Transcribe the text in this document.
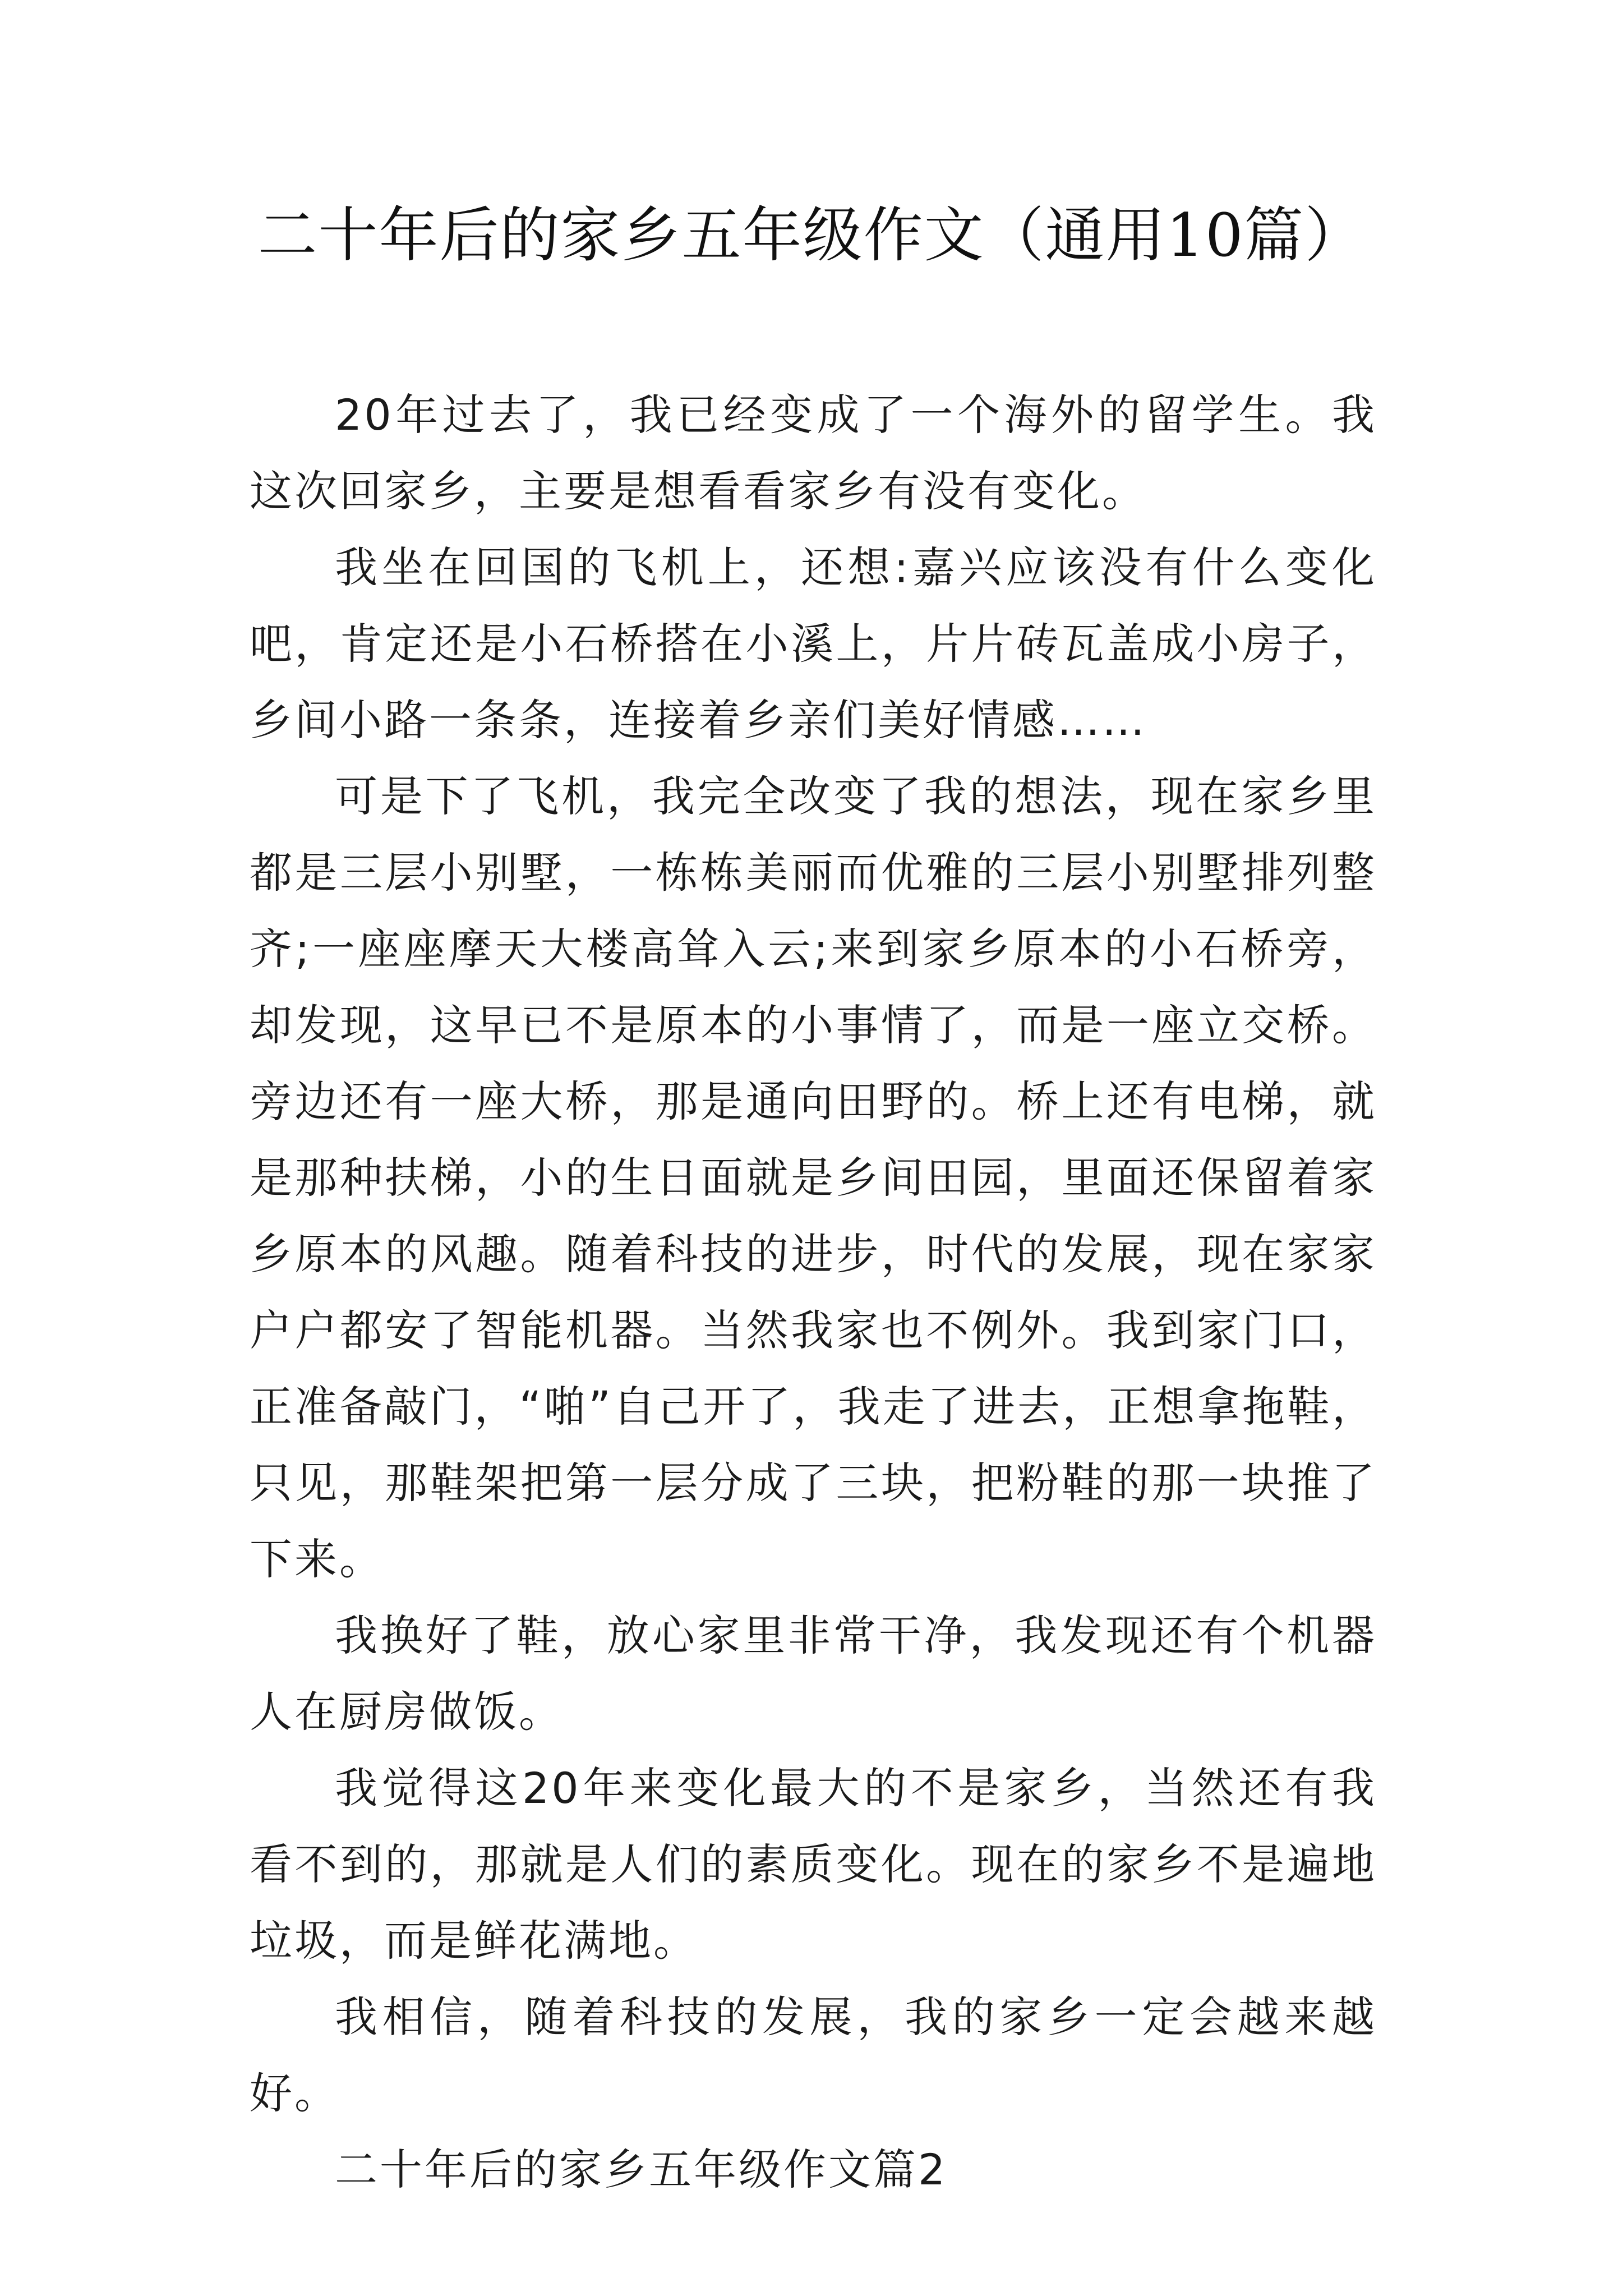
二十年后的家乡五年级作文（通用10篇）

20年过去了，我已经变成了一个海外的留学生。我这次回家乡，主要是想看看家乡有没有变化。

我坐在回国的飞机上，还想:嘉兴应该没有什么变化吧，肯定还是小石桥搭在小溪上，片片砖瓦盖成小房子，乡间小路一条条，连接着乡亲们美好情感……

可是下了飞机，我完全改变了我的想法，现在家乡里都是三层小别墅，一栋栋美丽而优雅的三层小别墅排列整齐;一座座摩天大楼高耸入云;来到家乡原本的小石桥旁，却发现，这早已不是原本的小事情了，而是一座立交桥。旁边还有一座大桥，那是通向田野的。桥上还有电梯，就是那种扶梯，小的生日面就是乡间田园，里面还保留着家乡原本的风趣。随着科技的进步，时代的发展，现在家家户户都安了智能机器。当然我家也不例外。我到家门口，正准备敲门，“啪”自己开了，我走了进去，正想拿拖鞋，只见，那鞋架把第一层分成了三块，把粉鞋的那一块推了下来。

我换好了鞋，放心家里非常干净，我发现还有个机器人在厨房做饭。

我觉得这20年来变化最大的不是家乡，当然还有我看不到的，那就是人们的素质变化。现在的家乡不是遍地垃圾，而是鲜花满地。

我相信，随着科技的发展，我的家乡一定会越来越好。

二十年后的家乡五年级作文篇2
